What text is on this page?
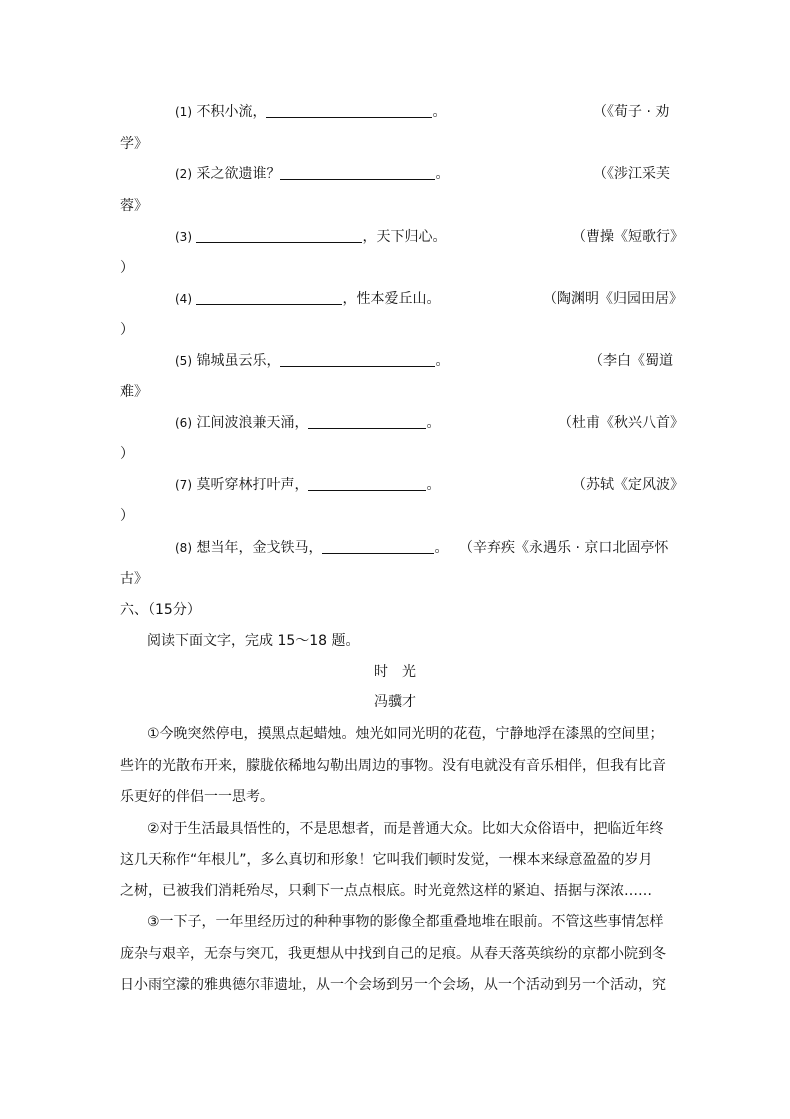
(1) 不积小流，	。	（《荀子 · 劝
学》
(2) 采之欲遗谁？	。	（《涉江采芙
蓉》
(3)	，天下归心。	（曹操《短歌行》
）
(4)	，性本爱丘山。	（陶渊明《归园田居》
）
(5) 锦城虽云乐，	。	（李白《蜀道
难》
(6) 江间波浪兼天涌，	。	（杜甫《秋兴八首》
）
(7) 莫听穿林打叶声，	。	（苏轼《定风波》
）
(8) 想当年，金戈铁马，	。 （辛弃疾《永遇乐 · 京口北固亭怀
古》
六、（15分）
阅读下面文字，完成 15～18 题。
时　光
冯骥才
①今晚突然停电，摸黑点起蜡烛。烛光如同光明的花苞，宁静地浮在漆黑的空间里；
些许的光散布开来，朦胧依稀地勾勒出周边的事物。没有电就没有音乐相伴，但我有比音
乐更好的伴侣一一思考。
②对于生活最具悟性的，不是思想者，而是普通大众。比如大众俗语中，把临近年终
这几天称作“年根儿”，多么真切和形象！它叫我们顿时发觉，一棵本来绿意盈盈的岁月
之树，已被我们消耗殆尽，只剩下一点点根底。时光竟然这样的紧迫、捂据与深浓……
③一下子，一年里经历过的种种事物的影像全都重叠地堆在眼前。不管这些事情怎样
庞杂与艰辛，无奈与突兀，我更想从中找到自己的足痕。从春天落英缤纷的京都小院到冬
日小雨空濛的雅典德尔菲遗址，从一个会场到另一个会场，从一个活动到另一个活动，究
